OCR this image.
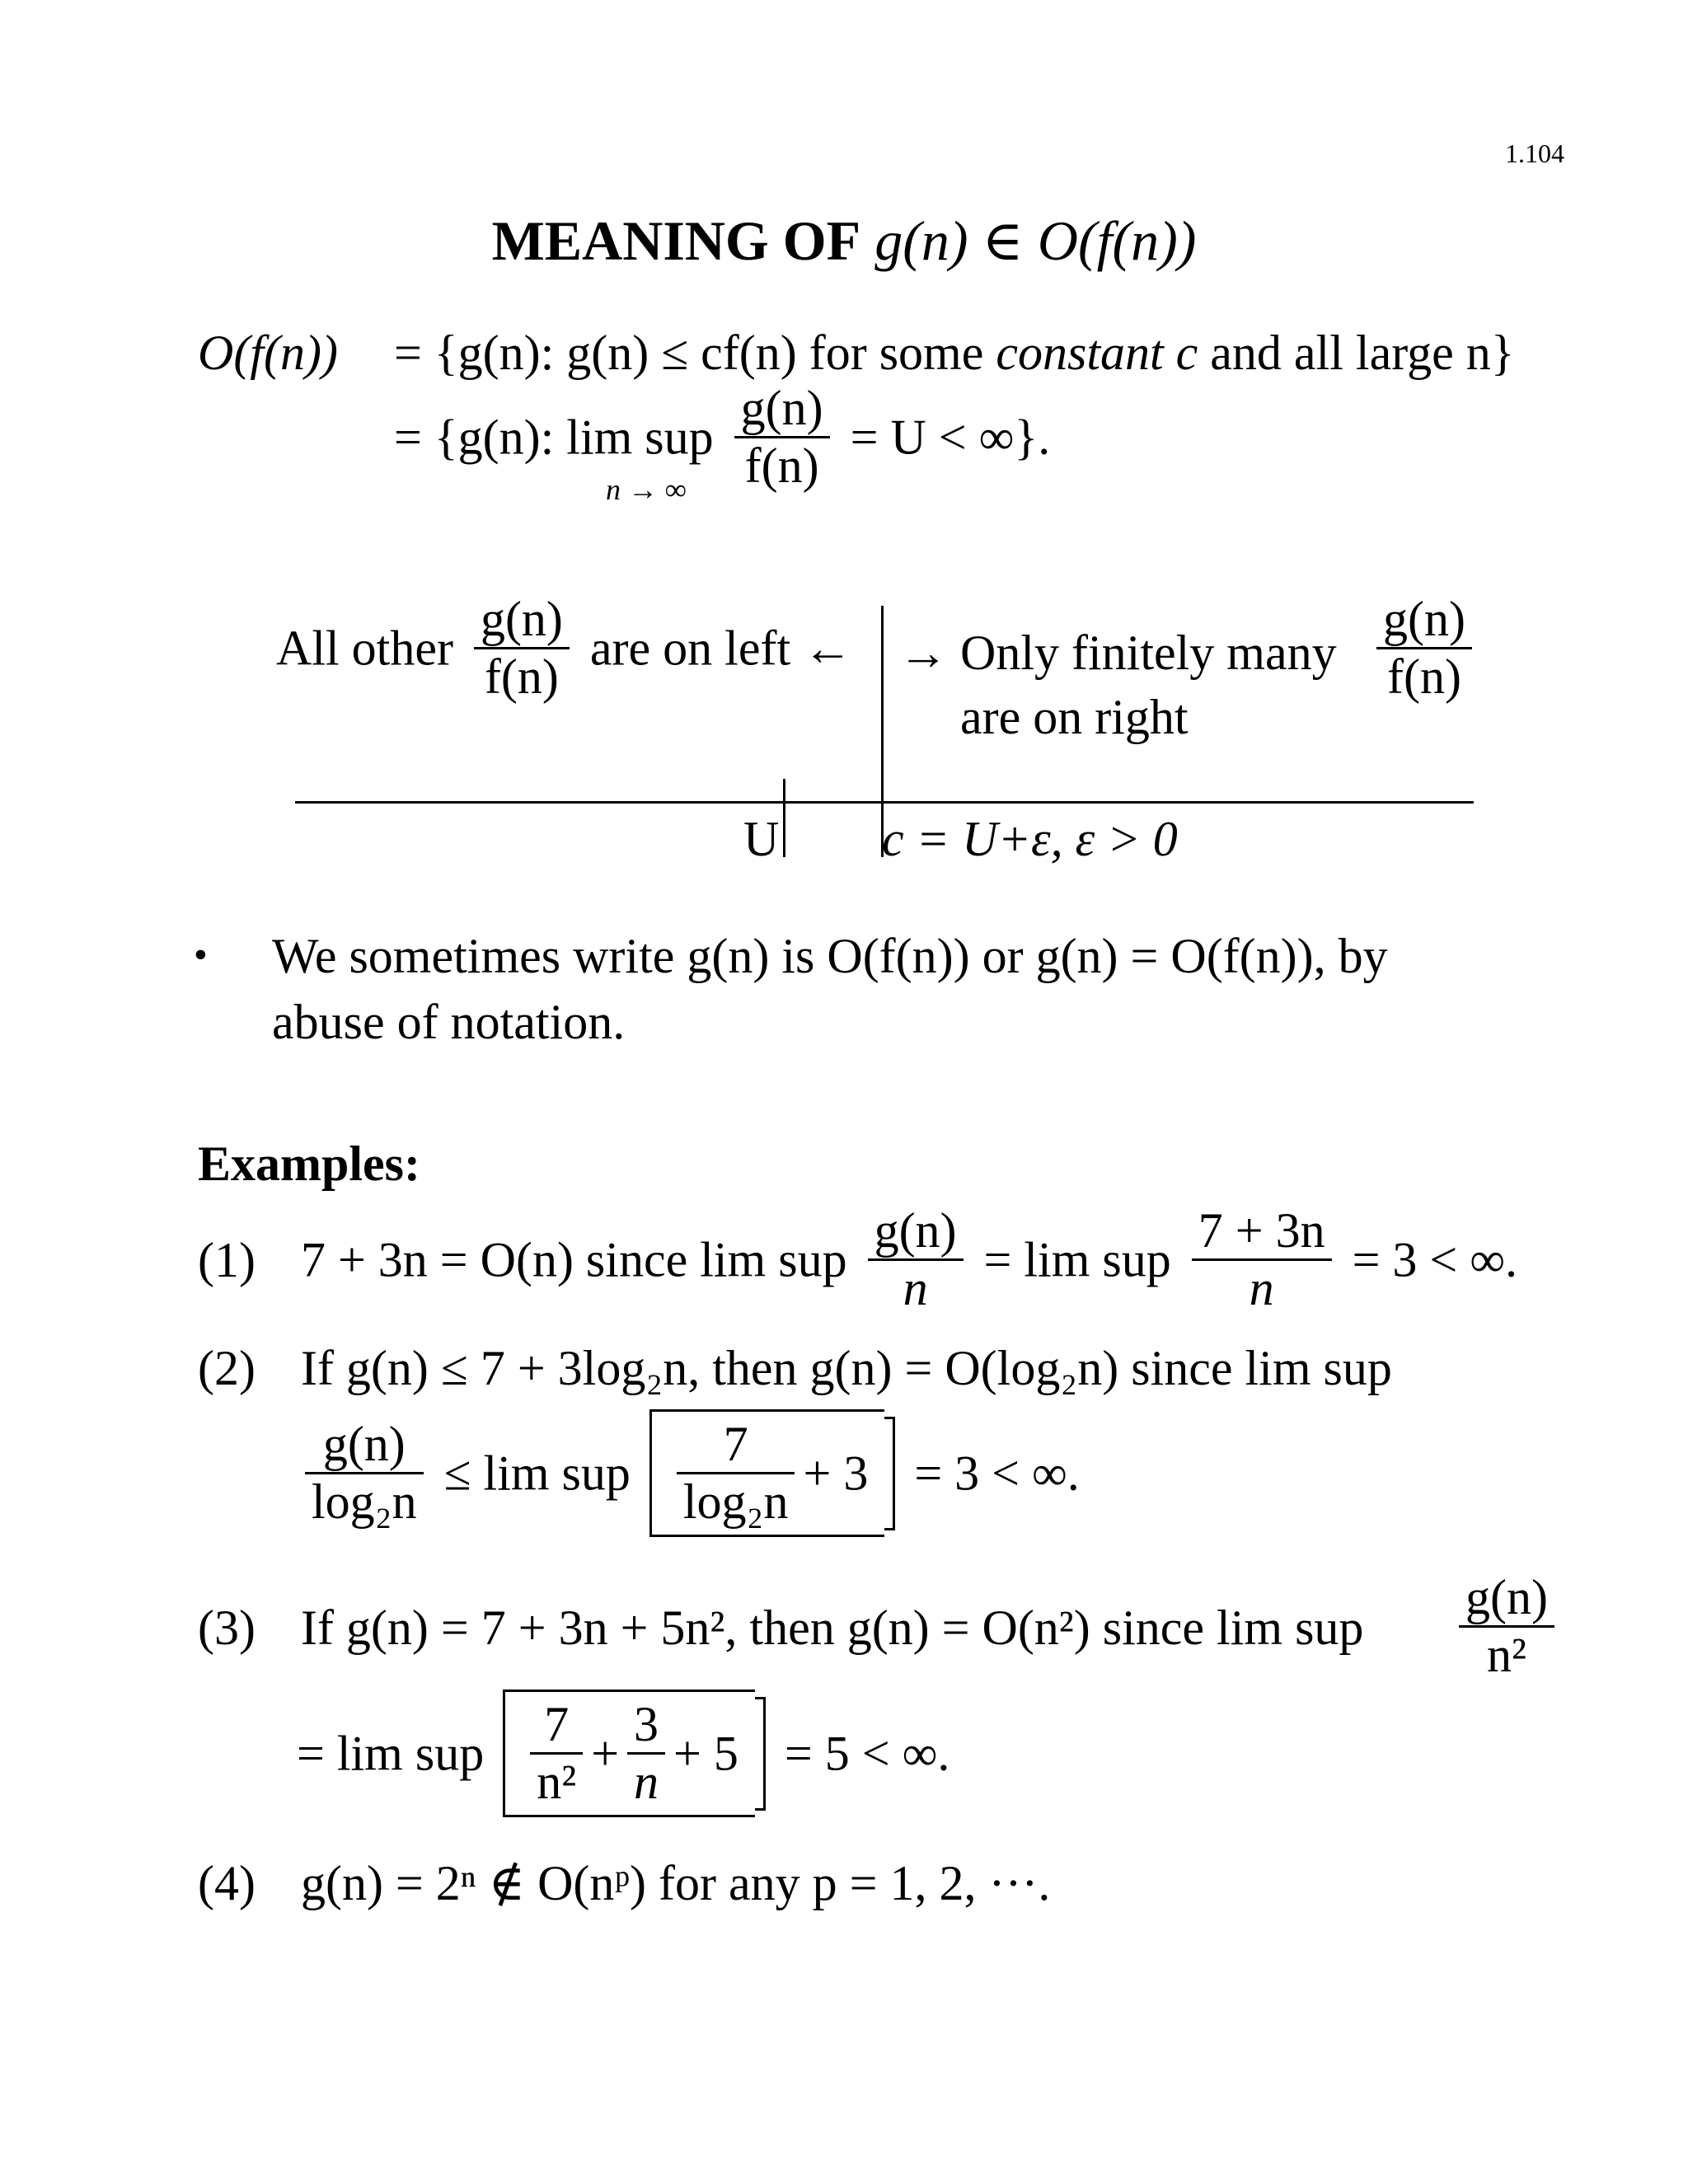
1.104
MEANING OF g(n) ∈ O(f(n))
O(f(n)) = {g(n): g(n) ≤ cf(n) for some constant c and all large n}
= {g(n): lim sup $\frac{g(n)}{f(n)} = U$ < ∞}.
n → ∞
All other $\frac{g(n)}{f(n)}$ are on left ← → Only finitely many
are on right
$\frac{g(n)}{f(n)}$
U c = U+ε, ε > 0
• We sometimes write g(n) is O(f(n)) or g(n) = O(f(n)), by
abuse of notation.
Examples:
(1) 7 + 3n = O(n) since lim sup $\frac{g(n)}{n} = \lim$ sup $\frac{7 + 3n}{n} = 3$ < ∞.
(2) If g(n) ≤ 7 + 3log₂n, then g(n) = O(log₂n) since lim sup
$\frac{g(n)}{\text{log₂n}} \le \lim$ sup $\frac{7}{\text{log₂n}} + 3 = 3$ < ∞.
(3) If g(n) = 7 + 3n + 5n², then g(n) = O(n²) since lim sup $\frac{g(n)}{\text{n²}}$
= lim sup $\frac{7}{\text{n²}} + \frac{3}{n} + 5 = 5$ < ∞.
(4) g(n) = 2ⁿ ∉ O(nᵖ) for any p = 1, 2, ···.
